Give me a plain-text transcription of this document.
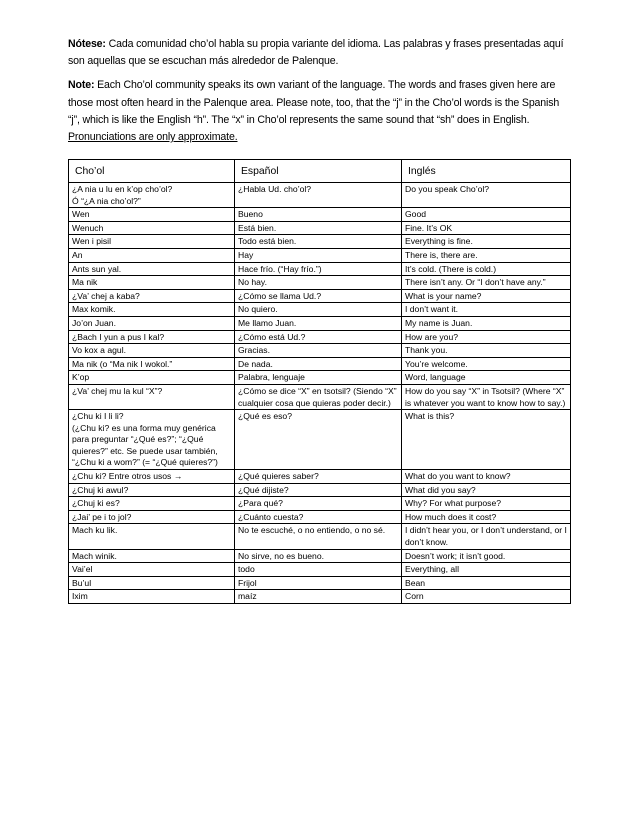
Nótese: Cada comunidad cho’ol habla su propia variante del idioma. Las palabras y frases presentadas aquí son aquellas que se escuchan más alrededor de Palenque.

Note: Each Cho’ol community speaks its own variant of the language. The words and frases given here are those most often heard in the Palenque area. Please note, too, that the “j” in the Cho’ol words is the Spanish “j”, which is like the English “h”. The “x” in Cho’ol represents the same sound that “sh” does in English. Pronunciations are only approximate.

Cho’ol	Español	Inglés
¿A nia u lu en k’op cho’ol?
Ó “¿A nia cho’ol?”	¿Habla Ud. cho’ol?	Do you speak Cho’ol?
Wen	Bueno	Good
Wenuch	Está bien.	Fine. It’s OK
Wen i pisil	Todo está bien.	Everything is fine.
An	Hay	There is, there are.
Ants sun yal.	Hace frío. (“Hay frío.”)	It’s cold. (There is cold.)
Ma nik	No hay.	There isn’t any. Or “I don’t have any.”
¿Va’ chej a kaba?	¿Cómo se llama Ud.?	What is your name?
Max komik.	No quiero.	I don’t want it.
Jo’on Juan.	Me llamo Juan.	My name is Juan.
¿Bach I yun a pus I kal?	¿Cómo está Ud.?	How are you?
Vo kox a agul.	Gracias.	Thank you.
Ma nik (o “Ma nik I wokol.”	De nada.	You’re welcome.
K’op	Palabra, lenguaje	Word, language
¿Va’ chej mu la kul “X”?	¿Cómo se dice “X” en tsotsil? (Siendo “X” cualquier cosa que quieras poder decir.)	How do you say “X” in Tsotsil? (Where “X” is whatever you want to know how to say.)
¿Chu ki I li li?
(¿Chu ki? es una forma muy genérica para preguntar “¿Qué es?”; “¿Qué quieres?” etc. Se puede usar también, “¿Chu ki a wom?” (= “¿Qué quieres?”)	¿Qué es eso?	What is this?
¿Chu ki? Entre otros usos →	¿Qué quieres saber?	What do you want to know?
¿Chuj ki awul?	¿Qué dijiste?	What did you say?
¿Chuj ki es?	¿Para qué?	Why? For what purpose?
¿Jai’ pe i to jol?	¿Cuánto cuesta?	How much does it cost?
Mach ku lik.	No te escuché, o no entiendo, o no sé.	I didn’t hear you, or I don’t understand, or I don’t know.
Mach winik.	No sirve, no es bueno.	Doesn’t work; it isn’t good.
Vai’el	todo	Everything, all
Bu’ul	Frijol	Bean
Ixim	maíz	Corn
